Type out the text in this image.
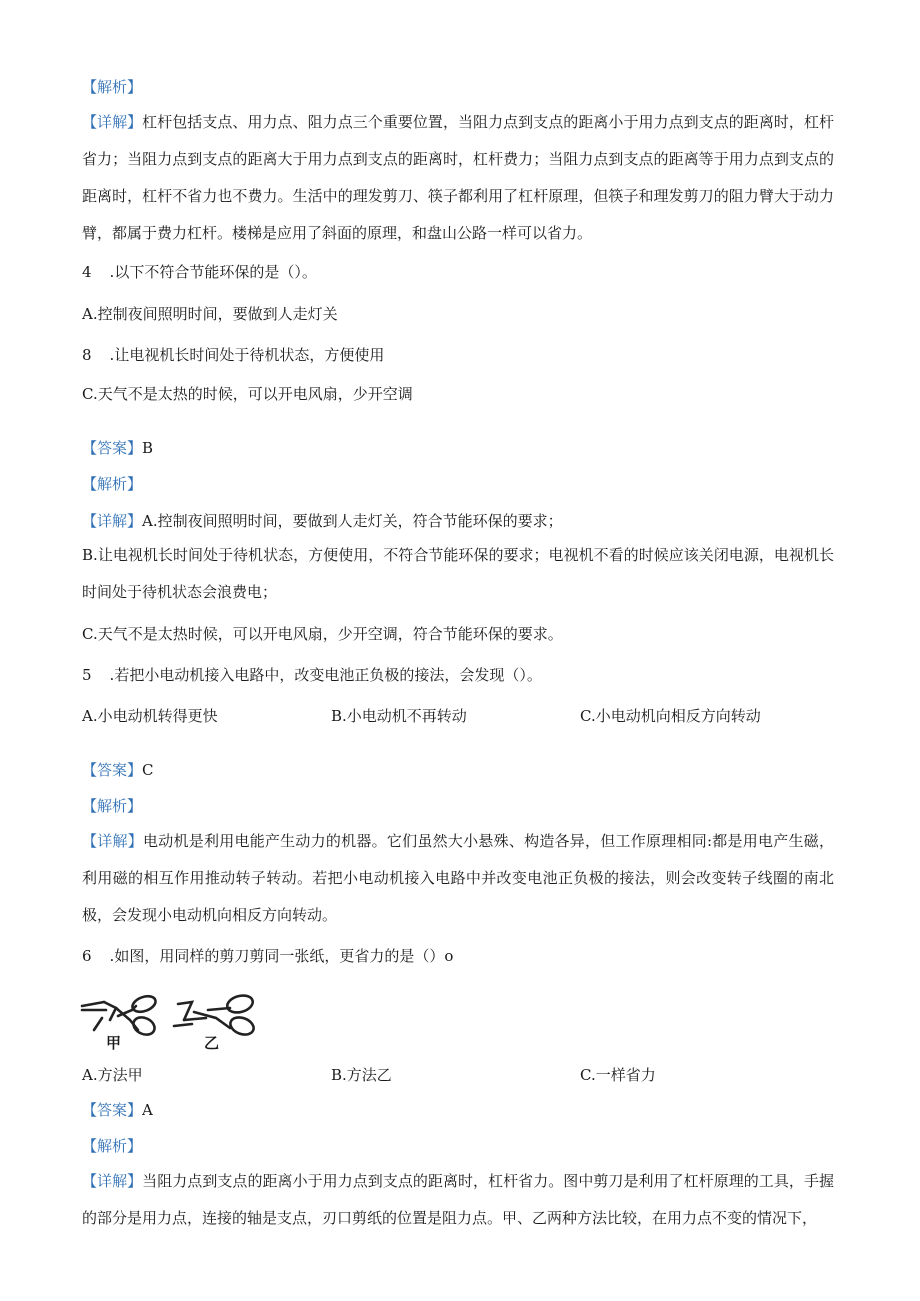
【解析】
【详解】杠杆包括支点、用力点、阻力点三个重要位置，当阻力点到支点的距离小于用力点到支点的距离时，杠杆省力；当阻力点到支点的距离大于用力点到支点的距离时，杠杆费力；当阻力点到支点的距离等于用力点到支点的距离时，杠杆不省力也不费力。生活中的理发剪刀、筷子都利用了杠杆原理，但筷子和理发剪刀的阻力臂大于动力臂，都属于费力杠杆。楼梯是应用了斜面的原理，和盘山公路一样可以省力。
4 .以下不符合节能环保的是（）。
A.控制夜间照明时间，要做到人走灯关
8 .让电视机长时间处于待机状态，方便使用
C.天气不是太热的时候，可以开电风扇，少开空调
【答案】B
【解析】
【详解】A.控制夜间照明时间，要做到人走灯关，符合节能环保的要求；
B.让电视机长时间处于待机状态，方便使用，不符合节能环保的要求；电视机不看的时候应该关闭电源，电视机长时间处于待机状态会浪费电；
C.天气不是太热时候，可以开电风扇，少开空调，符合节能环保的要求。
5 .若把小电动机接入电路中，改变电池正负极的接法，会发现（）。
A.小电动机转得更快	B.小电动机不再转动	C.小电动机向相反方向转动
【答案】C
【解析】
【详解】电动机是利用电能产生动力的机器。它们虽然大小悬殊、构造各异，但工作原理相同:都是用电产生磁，利用磁的相互作用推动转子转动。若把小电动机接入电路中并改变电池正负极的接法，则会改变转子线圈的南北极，会发现小电动机向相反方向转动。
6 .如图，用同样的剪刀剪同一张纸，更省力的是（）o
甲	乙
A.方法甲	B.方法乙	C.一样省力
【答案】A
【解析】
【详解】当阻力点到支点的距离小于用力点到支点的距离时，杠杆省力。图中剪刀是利用了杠杆原理的工具，手握的部分是用力点，连接的轴是支点，刃口剪纸的位置是阻力点。甲、乙两种方法比较，在用力点不变的情况下，
